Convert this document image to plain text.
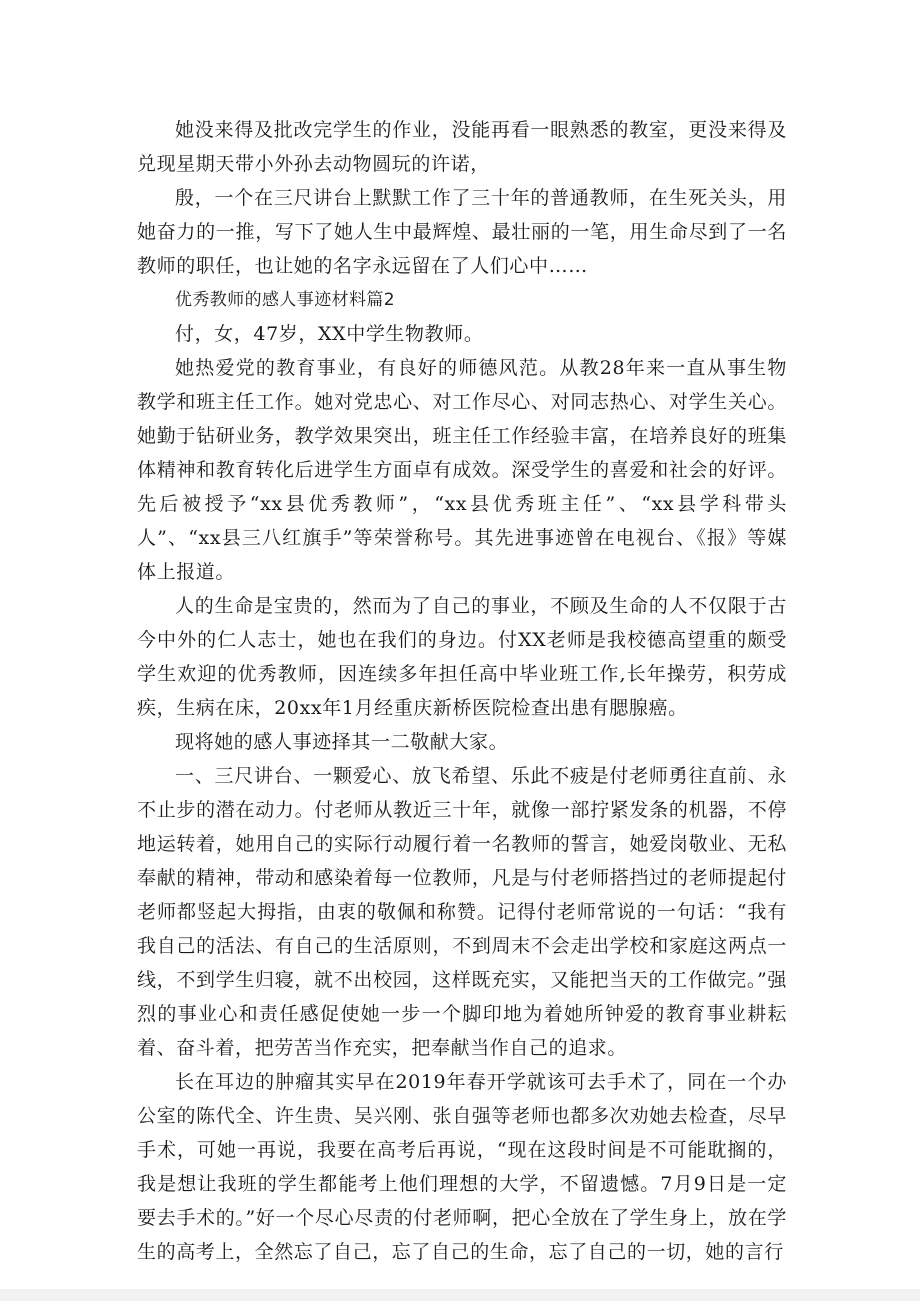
她没来得及批改完学生的作业，没能再看一眼熟悉的教室，更没来得及兑现星期天带小外孙去动物圆玩的许诺，

殷，一个在三尺讲台上默默工作了三十年的普通教师，在生死关头，用她奋力的一推，写下了她人生中最辉煌、最壮丽的一笔，用生命尽到了一名教师的职任，也让她的名字永远留在了人们心中……

优秀教师的感人事迹材料篇2

付，女，47岁，XX中学生物教师。

她热爱党的教育事业，有良好的师德风范。从教28年来一直从事生物教学和班主任工作。她对党忠心、对工作尽心、对同志热心、对学生关心。她勤于钻研业务，教学效果突出，班主任工作经验丰富，在培养良好的班集体精神和教育转化后进学生方面卓有成效。深受学生的喜爱和社会的好评。先后被授予“xx县优秀教师”，“xx县优秀班主任”、“xx县学科带头人”、“xx县三八红旗手”等荣誉称号。其先进事迹曾在电视台、《报》等媒体上报道。

人的生命是宝贵的，然而为了自己的事业，不顾及生命的人不仅限于古今中外的仁人志士，她也在我们的身边。付XX老师是我校德高望重的颇受学生欢迎的优秀教师，因连续多年担任高中毕业班工作,长年操劳，积劳成疾，生病在床，20xx年1月经重庆新桥医院检查出患有腮腺癌。

现将她的感人事迹择其一二敬献大家。

一、三尺讲台、一颗爱心、放飞希望、乐此不疲是付老师勇往直前、永不止步的潜在动力。付老师从教近三十年，就像一部拧紧发条的机器，不停地运转着，她用自己的实际行动履行着一名教师的誓言，她爱岗敬业、无私奉献的精神，带动和感染着每一位教师，凡是与付老师搭挡过的老师提起付老师都竖起大拇指，由衷的敬佩和称赞。记得付老师常说的一句话：“我有我自己的活法、有自己的生活原则，不到周末不会走出学校和家庭这两点一线，不到学生归寝，就不出校园，这样既充实，又能把当天的工作做完。”强烈的事业心和责任感促使她一步一个脚印地为着她所钟爱的教育事业耕耘着、奋斗着，把劳苦当作充实，把奉献当作自己的追求。

长在耳边的肿瘤其实早在2019年春开学就该可去手术了，同在一个办公室的陈代全、许生贵、吴兴刚、张自强等老师也都多次劝她去检查，尽早手术，可她一再说，我要在高考后再说，“现在这段时间是不可能耽搁的，我是想让我班的学生都能考上他们理想的大学，不留遗憾。7月9日是一定要去手术的。”好一个尽心尽责的付老师啊，把心全放在了学生身上，放在学生的高考上，全然忘了自己，忘了自己的生命，忘了自己的一切，她的言行
